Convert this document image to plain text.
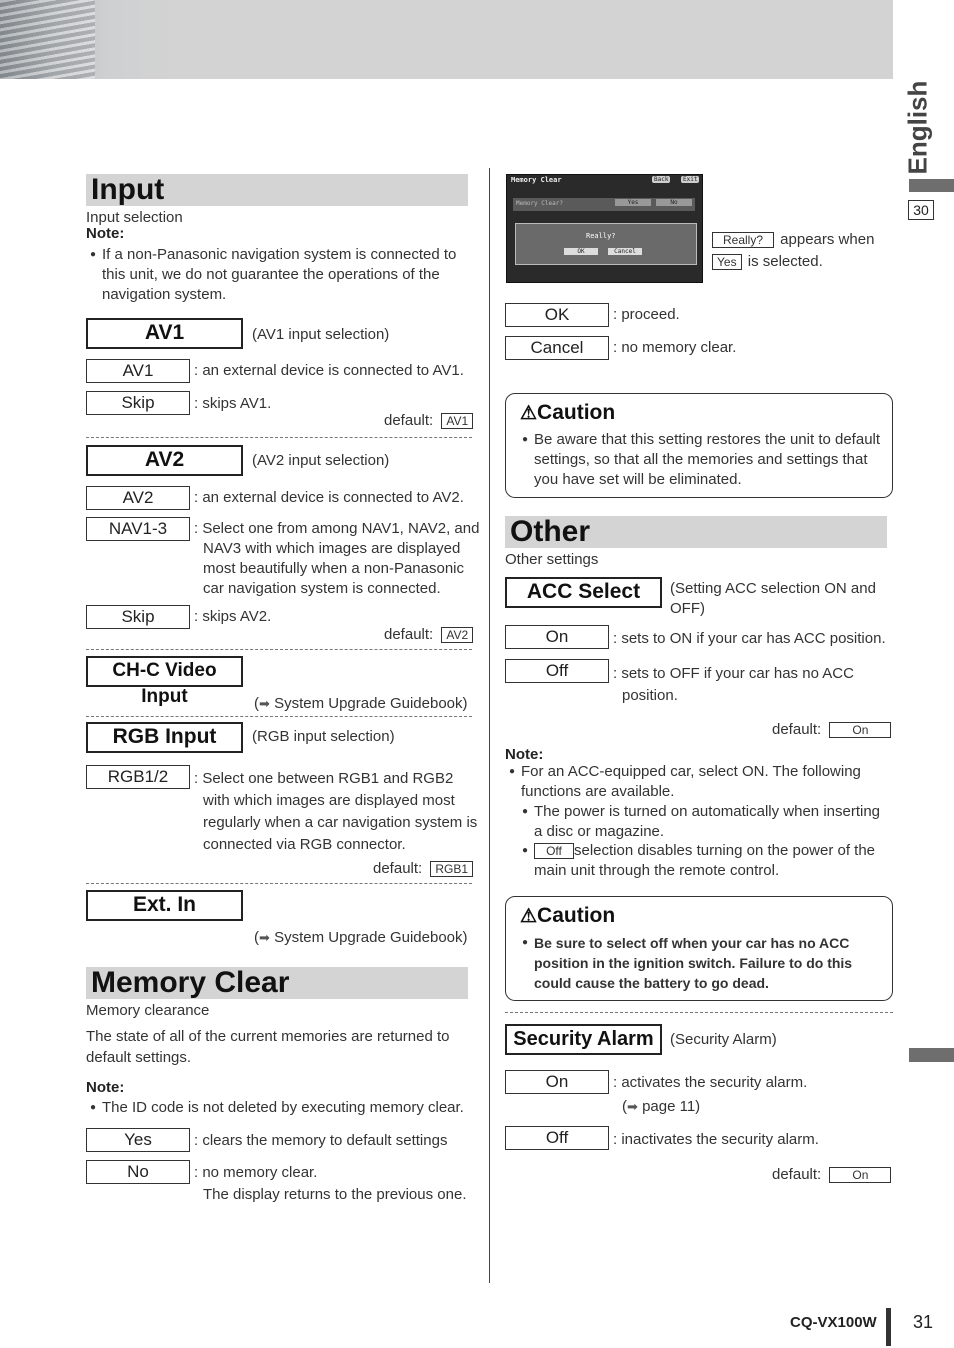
English
30
Input
Input selection
Note:
● If a non-Panasonic navigation system is connected to this unit, we do not guarantee the operations of the navigation system.
AV1	(AV1 input selection)
AV1	: an external device is connected to AV1.
Skip	: skips AV1.
default: AV1
AV2	(AV2 input selection)
AV2	: an external device is connected to AV2.
NAV1-3	: Select one from among NAV1, NAV2, and NAV3 with which images are displayed most beautifully when a non-Panasonic car navigation system is connected.
Skip	: skips AV2.
default: AV2
CH-C Video Input	(➡ System Upgrade Guidebook)
RGB Input	(RGB input selection)
RGB1/2	: Select one between RGB1 and RGB2 with which images are displayed most regularly when a car navigation system is connected via RGB connector.
default: RGB1
Ext. In
(➡ System Upgrade Guidebook)
Memory Clear
Memory clearance
The state of all of the current memories are returned to default settings.
Note:
● The ID code is not deleted by executing memory clear.
Yes	: clears the memory to default settings
No	: no memory clear.
The display returns to the previous one.
Memory Clear	Back	Exit
Memory Clear?	Yes	No
Really?
OK	Cancel
Really? appears when
Yes is selected.
OK	: proceed.
Cancel	: no memory clear.
⚠Caution
● Be aware that this setting restores the unit to default settings, so that all the memories and settings that you have set will be eliminated.
Other
Other settings
ACC Select	(Setting ACC selection ON and OFF)
On	: sets to ON if your car has ACC position.
Off	: sets to OFF if your car has no ACC position.
default:	On
Note:
● For an ACC-equipped car, select ON. The following functions are available.
● The power is turned on automatically when inserting a disc or magazine.
● Off selection disables turning on the power of the main unit through the remote control.
⚠Caution
● Be sure to select off when your car has no ACC position in the ignition switch. Failure to do this could cause the battery to go dead.
Security Alarm	(Security Alarm)
On	: activates the security alarm.
(➡ page 11)
Off	: inactivates the security alarm.
default:	On
CQ-VX100W 31
